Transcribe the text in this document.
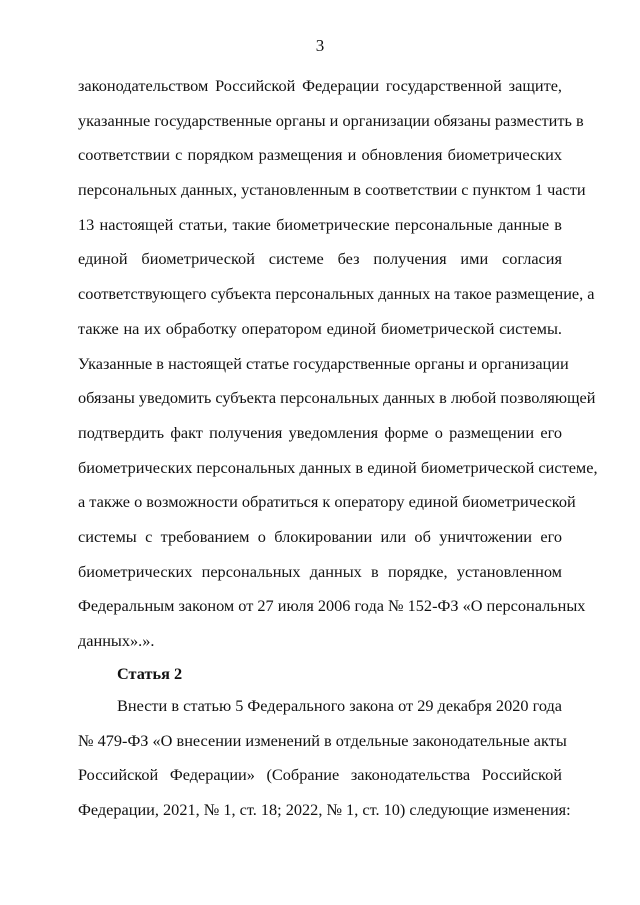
3
законодательством Российской Федерации государственной защите,
указанные государственные органы и организации обязаны разместить в
соответствии с порядком размещения и обновления биометрических
персональных данных, установленным в соответствии с пунктом 1 части
13 настоящей статьи, такие биометрические персональные данные в
единой биометрической системе без получения ими согласия
соответствующего субъекта персональных данных на такое размещение, а
также на их обработку оператором единой биометрической системы.
Указанные в настоящей статье государственные органы и организации
обязаны уведомить субъекта персональных данных в любой позволяющей
подтвердить факт получения уведомления форме о размещении его
биометрических персональных данных в единой биометрической системе,
а также о возможности обратиться к оператору единой биометрической
системы с требованием о блокировании или об уничтожении его
биометрических персональных данных в порядке, установленном
Федеральным законом от 27 июля 2006 года № 152-ФЗ «О персональных
данных».».
Статья 2
Внести в статью 5 Федерального закона от 29 декабря 2020 года
№ 479-ФЗ «О внесении изменений в отдельные законодательные акты
Российской Федерации» (Собрание законодательства Российской
Федерации, 2021, № 1, ст. 18; 2022, № 1, ст. 10) следующие изменения:
